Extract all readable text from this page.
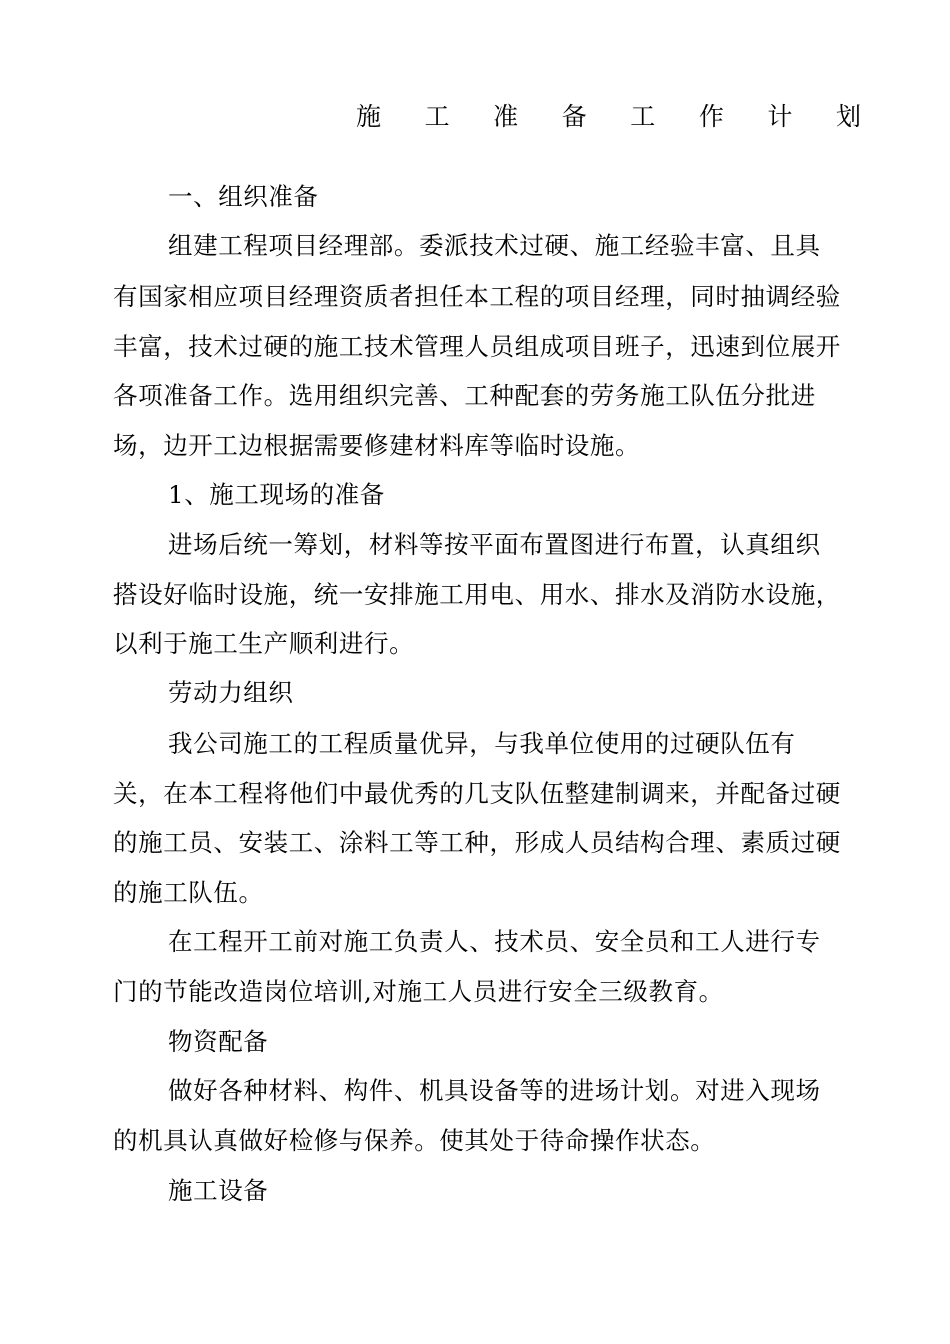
施 工 准 备 工 作 计 划
一、组织准备
组建工程项目经理部。委派技术过硬、施工经验丰富、且具
有国家相应项目经理资质者担任本工程的项目经理，同时抽调经验
丰富，技术过硬的施工技术管理人员组成项目班子，迅速到位展开
各项准备工作。选用组织完善、工种配套的劳务施工队伍分批进
场，边开工边根据需要修建材料库等临时设施。
1、施工现场的准备
进场后统一筹划，材料等按平面布置图进行布置，认真组织
搭设好临时设施，统一安排施工用电、用水、排水及消防水设施，
以利于施工生产顺利进行。
劳动力组织
我公司施工的工程质量优异，与我单位使用的过硬队伍有
关，在本工程将他们中最优秀的几支队伍整建制调来，并配备过硬
的施工员、安装工、涂料工等工种，形成人员结构合理、素质过硬
的施工队伍。
在工程开工前对施工负责人、技术员、安全员和工人进行专
门的节能改造岗位培训,对施工人员进行安全三级教育。
物资配备
做好各种材料、构件、机具设备等的进场计划。对进入现场
的机具认真做好检修与保养。使其处于待命操作状态。
施工设备
